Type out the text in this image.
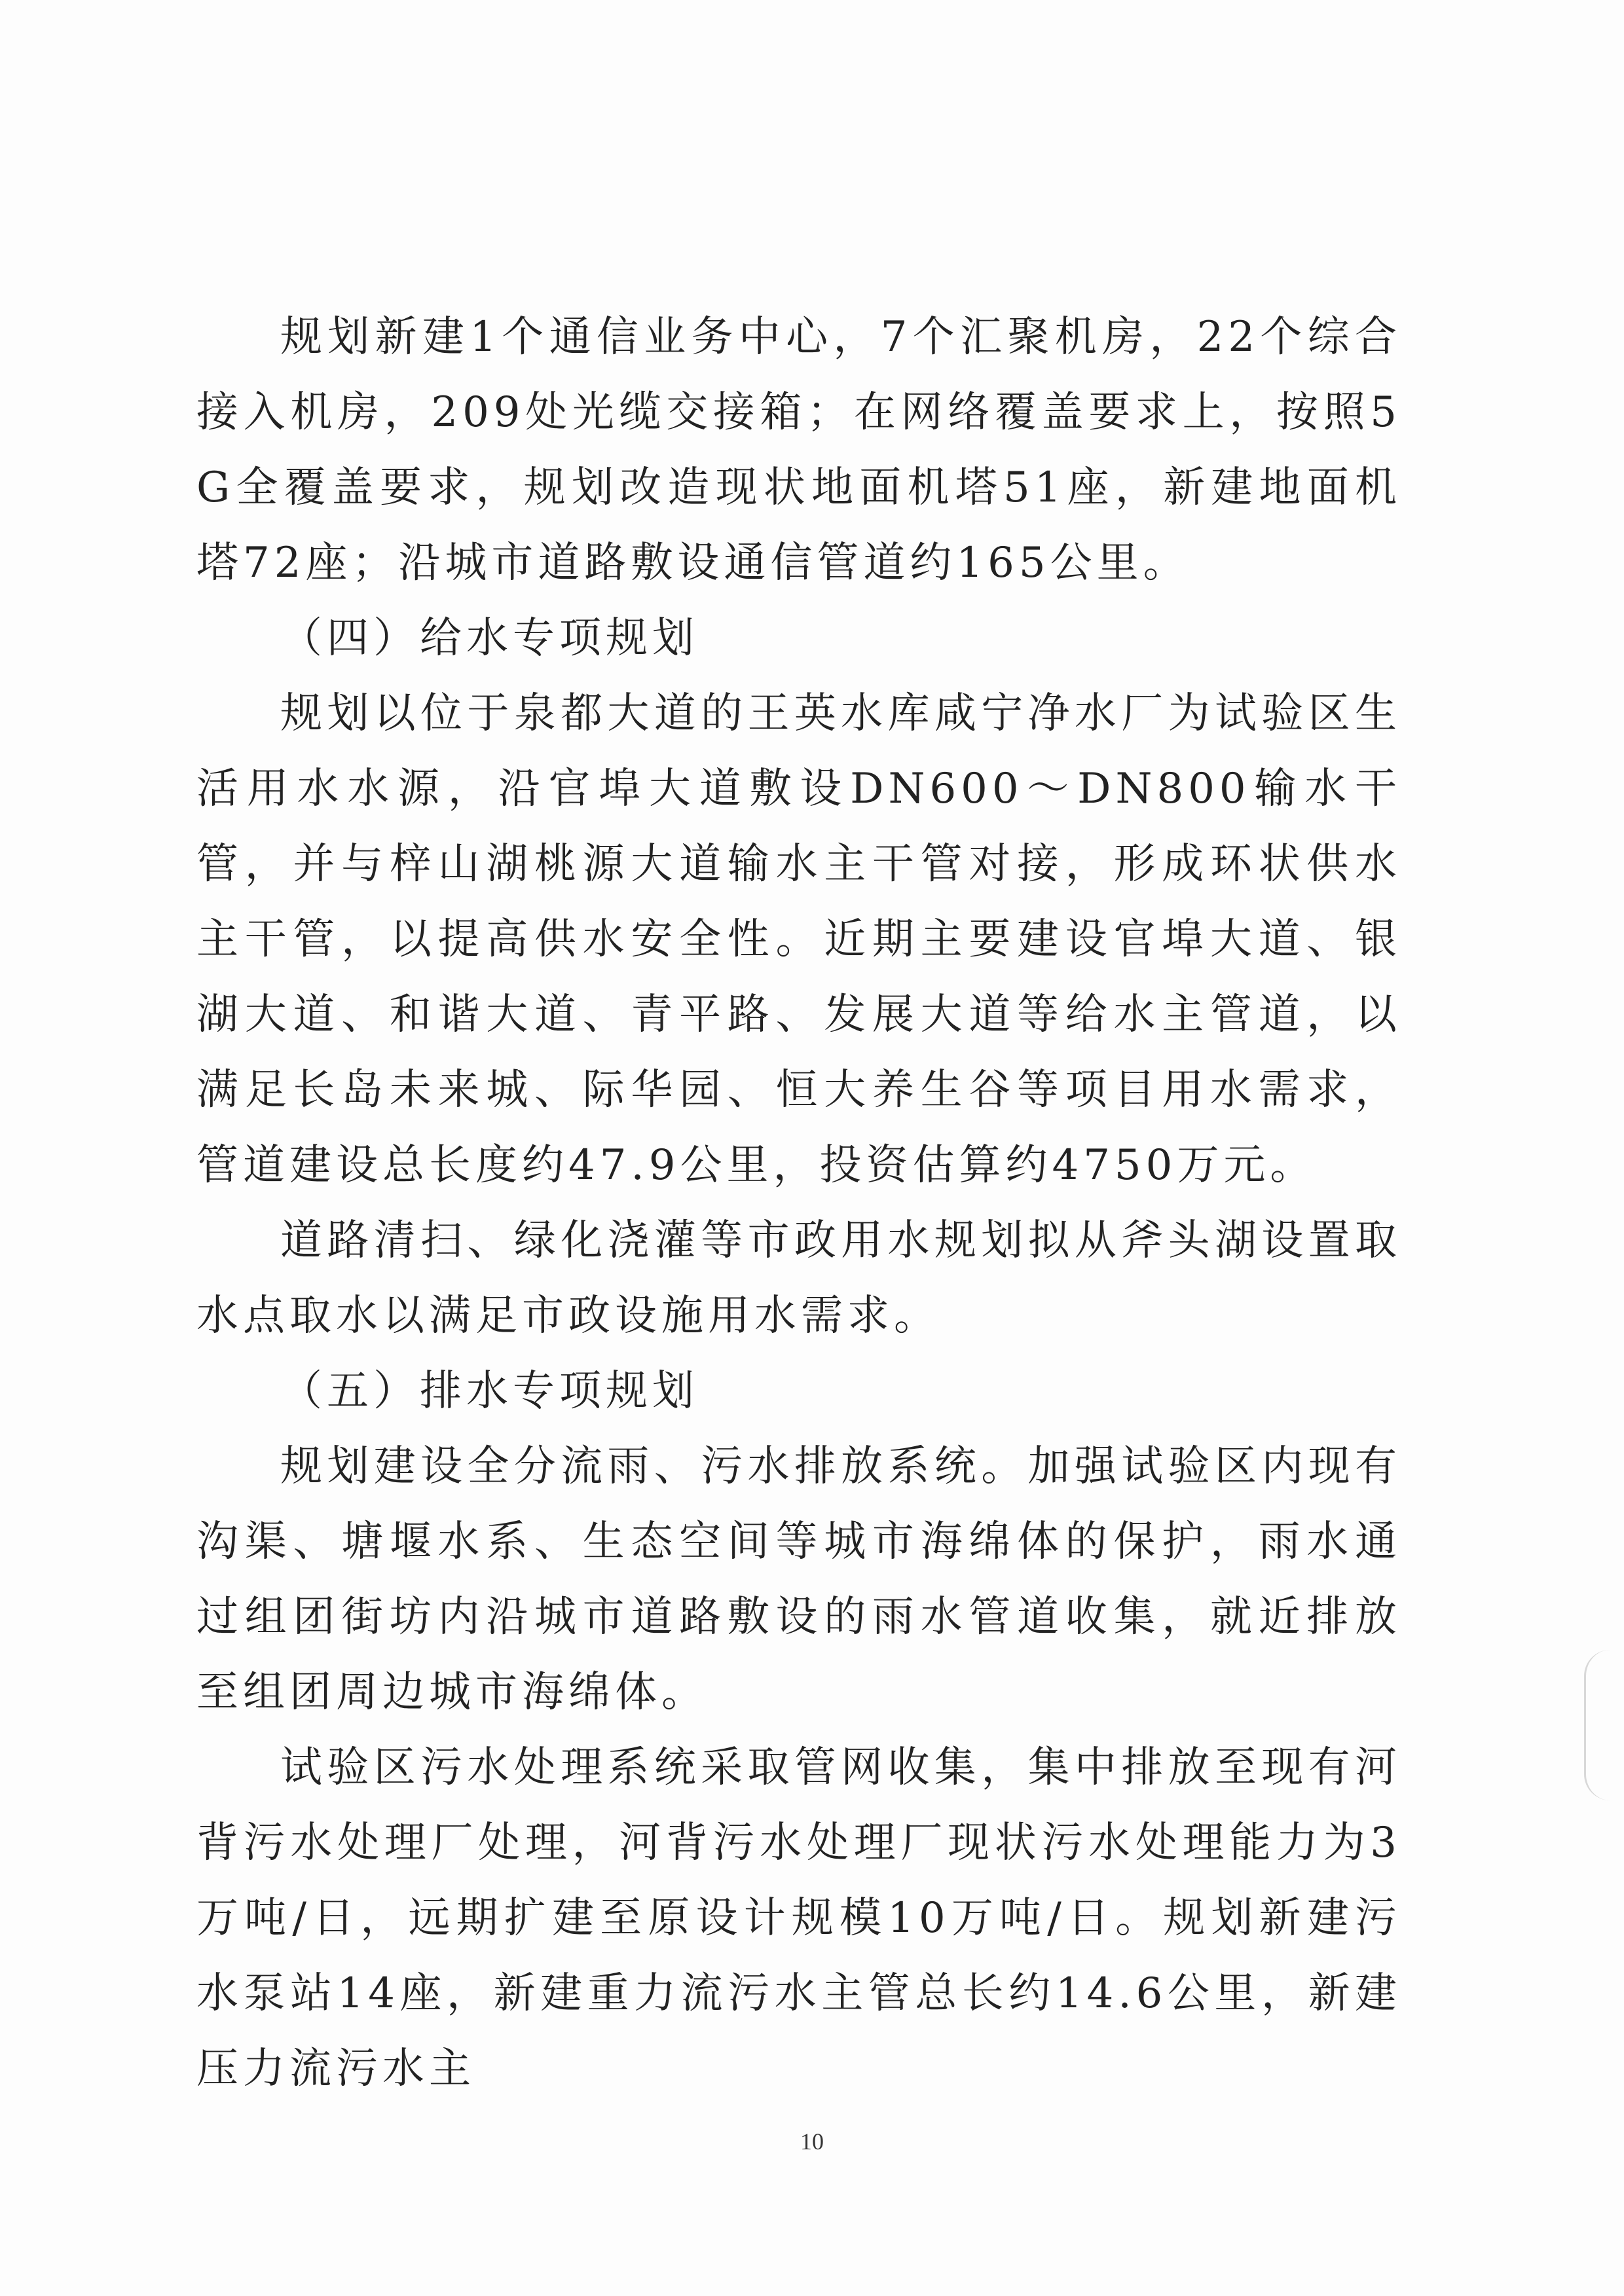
规划新建1个通信业务中心，7个汇聚机房，22个综合接入机房，209处光缆交接箱；在网络覆盖要求上，按照5G全覆盖要求，规划改造现状地面机塔51座，新建地面机塔72座；沿城市道路敷设通信管道约165公里。

（四）给水专项规划

规划以位于泉都大道的王英水库咸宁净水厂为试验区生活用水水源，沿官埠大道敷设DN600～DN800输水干管，并与梓山湖桃源大道输水主干管对接，形成环状供水主干管，以提高供水安全性。近期主要建设官埠大道、银湖大道、和谐大道、青平路、发展大道等给水主管道，以满足长岛未来城、际华园、恒大养生谷等项目用水需求，管道建设总长度约47.9公里，投资估算约4750万元。

道路清扫、绿化浇灌等市政用水规划拟从斧头湖设置取水点取水以满足市政设施用水需求。

（五）排水专项规划

规划建设全分流雨、污水排放系统。加强试验区内现有沟渠、塘堰水系、生态空间等城市海绵体的保护，雨水通过组团街坊内沿城市道路敷设的雨水管道收集，就近排放至组团周边城市海绵体。

试验区污水处理系统采取管网收集，集中排放至现有河背污水处理厂处理，河背污水处理厂现状污水处理能力为3万吨/日，远期扩建至原设计规模10万吨/日。规划新建污水泵站14座，新建重力流污水主管总长约14.6公里，新建压力流污水主

10
